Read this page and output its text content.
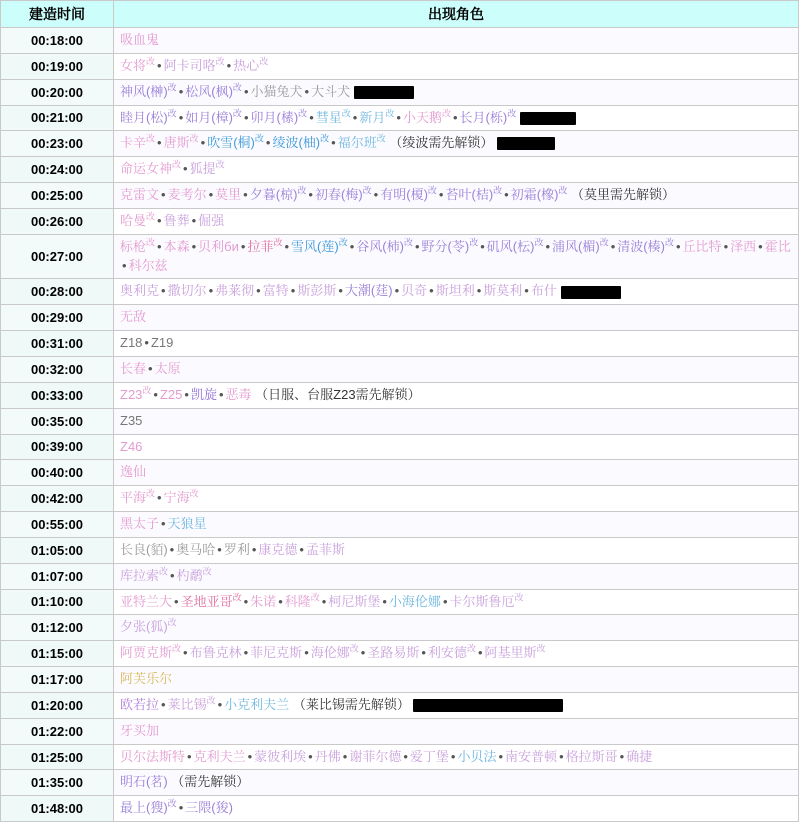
建造时间	出现角色
00:18:00	吸血鬼
00:19:00	女将$^改$ • 阿卡司咯$^改$ • 热心$^改$
00:20:00	神风(榊)$^改$ • 松风(枫)$^改$ • 小猫兔犬 • 大斗犬
00:21:00	睦月(松)$^改$ • 如月(樟)$^改$ • 卯月(榡)$^改$ • 彗星$^改$ • 新月$^改$ • 小天鹅$^改$ • 长月(栎)$^改$
00:23:00	卡辛$^改$ • 唐斯$^改$ • 吹雪(桐)$^改$ • 绫波(柚)$^改$ • 福尔班$^改$ （绫波需先解锁）
00:24:00	命运女神$^改$ • 狐提$^改$
00:25:00	克雷文 • 麦考尔 • 莫里 • 夕暮(椋)$^改$ • 初春(梅)$^改$ • 有明(榎)$^改$ • 苔叶(桔)$^改$ • 初霜(橡)$^改$ （莫里需先解锁）
00:26:00	哈曼$^改$ • 鲁葬 • 倔强
00:27:00	标枪$^改$ • 本森 • 贝利би • 拉菲$^改$ • 雪风(莲)$^改$ • 谷风(柿)$^改$ • 野分(苓)$^改$ • 矶风(枟)$^改$ • 浦风(楣)$^改$ • 清波(楱)$^改$ • 丘比特 • 泽西 • 霍比• 科尔兹
00:28:00	奥利克 • 撒切尔 • 弗莱彻 • 富特 • 斯彭斯 • 大潮(莛) • 贝奇 • 斯坦利 • 斯莫利 • 布什
00:29:00	无敌
00:31:00	Z18 • Z19
00:32:00	长春 • 太原
00:33:00	$Z23^改$ • Z25 • 凯旋 • 恶毒 （日服、台服Z23需先解锁）
00:35:00	Z35
00:39:00	Z46
00:40:00	逸仙
00:42:00	平海$^改$ • 宁海$^改$
00:55:00	黑太子 • 天狼星
01:05:00	长良(貊) • 奥马哈 • 罗利 • 康克德 • 孟菲斯
01:07:00	库拉索$^改$ • 杓鹬$^改$
01:10:00	亚特兰大 • 圣地亚哥$^改$ • 朱诺 • 科隆$^改$ • 柯尼斯堡 • 小海伦娜 • 卡尔斯鲁厄$^改$
01:12:00	夕张(狐)$^改$
01:15:00	阿贾克斯$^改$ • 布鲁克林 • 菲尼克斯 • 海伦娜$^改$ • 圣路易斯 • 利安德$^改$ • 阿基里斯$^改$
01:17:00	阿芙乐尔
01:20:00	欧若拉 • 莱比锡$^改$ • 小克利夫兰 （莱比锡需先解锁）
01:22:00	牙买加
01:25:00	贝尔法斯特 • 克利夫兰 • 蒙彼利埃 • 丹佛 • 谢菲尔德 • 爱丁堡 • 小贝法 • 南安普顿 • 格拉斯哥 • 确捷
01:35:00	明石(茗) （需先解锁）
01:48:00	最上(獀)$^改$ • 三隈(狻)
